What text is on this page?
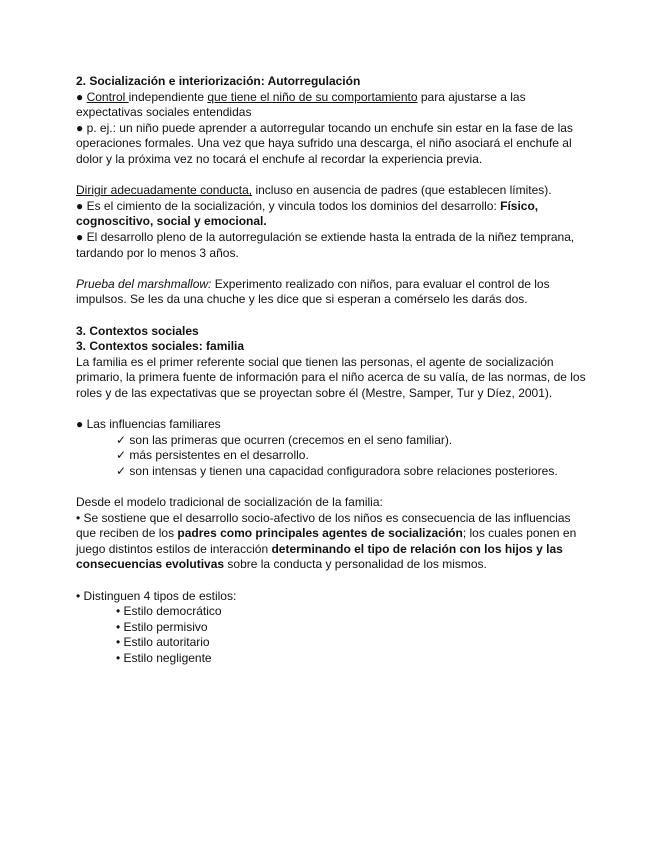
2. Socialización e interiorización: Autorregulación

● Control independiente que tiene el niño de su comportamiento para ajustarse a las expectativas sociales entendidas

● p. ej.: un niño puede aprender a autorregular tocando un enchufe sin estar en la fase de las operaciones formales. Una vez que haya sufrido una descarga, el niño asociará el enchufe al dolor y la próxima vez no tocará el enchufe al recordar la experiencia previa.

Dirigir adecuadamente conducta, incluso en ausencia de padres (que establecen límites).

● Es el cimiento de la socialización, y vincula todos los dominios del desarrollo: Físico, cognoscitivo, social y emocional.

● El desarrollo pleno de la autorregulación se extiende hasta la entrada de la niñez temprana, tardando por lo menos 3 años.

Prueba del marshmallow: Experimento realizado con niños, para evaluar el control de los impulsos. Se les da una chuche y les dice que si esperan a comérselo les darás dos.

3. Contextos sociales

3. Contextos sociales: familia

La familia es el primer referente social que tienen las personas, el agente de socialización primario, la primera fuente de información para el niño acerca de su valía, de las normas, de los roles y de las expectativas que se proyectan sobre él (Mestre, Samper, Tur y Díez, 2001).

● Las influencias familiares

✓ son las primeras que ocurren (crecemos en el seno familiar).

✓ más persistentes en el desarrollo.

✓ son intensas y tienen una capacidad configuradora sobre relaciones posteriores.

Desde el modelo tradicional de socialización de la familia:

• Se sostiene que el desarrollo socio-afectivo de los niños es consecuencia de las influencias que reciben de los padres como principales agentes de socialización; los cuales ponen en juego distintos estilos de interacción determinando el tipo de relación con los hijos y las consecuencias evolutivas sobre la conducta y personalidad de los mismos.

• Distinguen 4 tipos de estilos:

• Estilo democrático

• Estilo permisivo

• Estilo autoritario

• Estilo negligente
